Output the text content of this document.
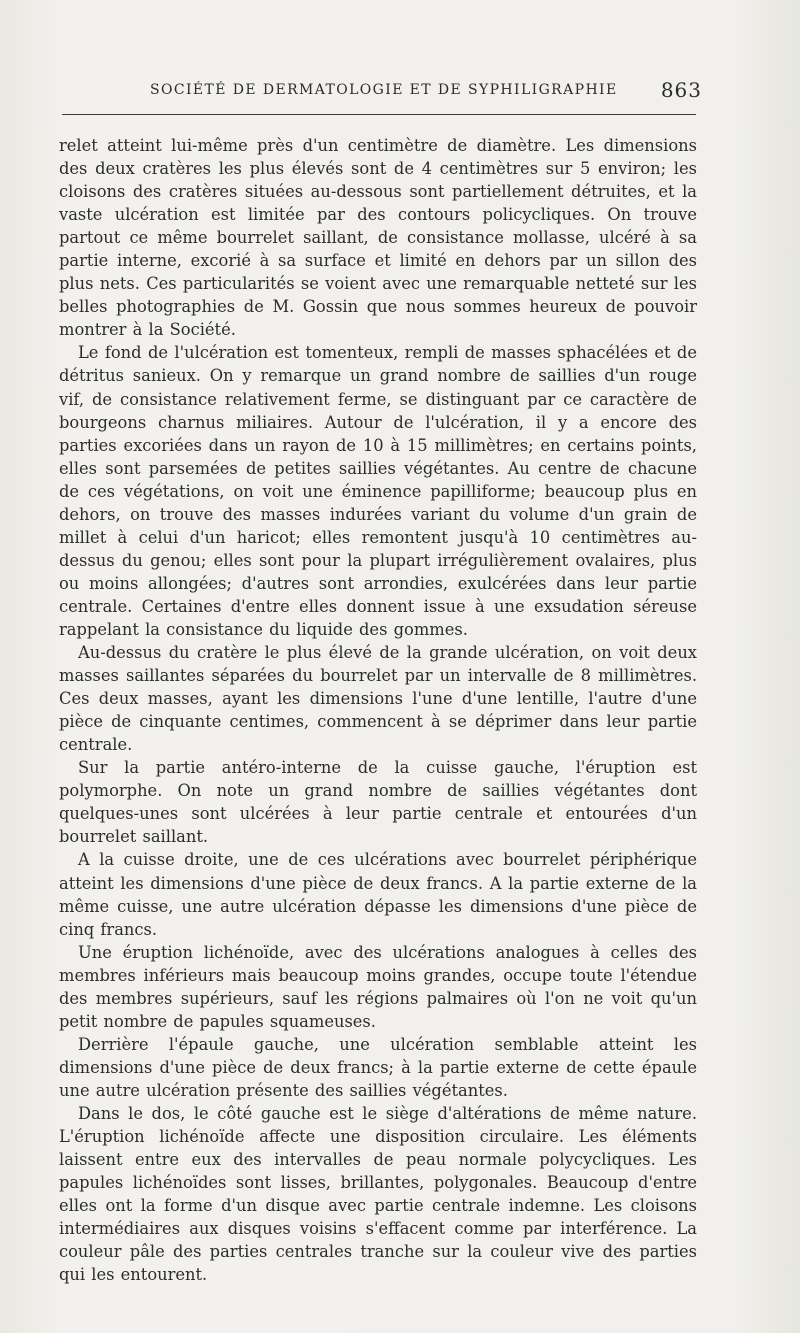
SOCIÉTÉ DE DERMATOLOGIE ET DE SYPHILIGRAPHIE 863

relet atteint lui-même près d'un centimètre de diamètre. Les dimensions des deux cratères les plus élevés sont de 4 centimètres sur 5 environ; les cloisons des cratères situées au-dessous sont partiellement détruites, et la vaste ulcération est limitée par des contours policycliques. On trouve partout ce même bourrelet saillant, de consistance mollasse, ulcéré à sa partie interne, excorié à sa surface et limité en dehors par un sillon des plus nets. Ces particularités se voient avec une remarquable netteté sur les belles photographies de M. Gossin que nous sommes heureux de pouvoir montrer à la Société.

Le fond de l'ulcération est tomenteux, rempli de masses sphacélées et de détritus sanieux. On y remarque un grand nombre de saillies d'un rouge vif, de consistance relativement ferme, se distinguant par ce caractère de bourgeons charnus miliaires. Autour de l'ulcération, il y a encore des parties excoriées dans un rayon de 10 à 15 millimètres; en certains points, elles sont parsemées de petites saillies végétantes. Au centre de chacune de ces végétations, on voit une éminence papilliforme; beaucoup plus en dehors, on trouve des masses indurées variant du volume d'un grain de millet à celui d'un haricot; elles remontent jusqu'à 10 centimètres au-dessus du genou; elles sont pour la plupart irrégulièrement ovalaires, plus ou moins allongées; d'autres sont arrondies, exulcérées dans leur partie centrale. Certaines d'entre elles donnent issue à une exsudation séreuse rappelant la consistance du liquide des gommes.

Au-dessus du cratère le plus élevé de la grande ulcération, on voit deux masses saillantes séparées du bourrelet par un intervalle de 8 millimètres. Ces deux masses, ayant les dimensions l'une d'une lentille, l'autre d'une pièce de cinquante centimes, commencent à se déprimer dans leur partie centrale.

Sur la partie antéro-interne de la cuisse gauche, l'éruption est polymorphe. On note un grand nombre de saillies végétantes dont quelques-unes sont ulcérées à leur partie centrale et entourées d'un bourrelet saillant.

A la cuisse droite, une de ces ulcérations avec bourrelet périphérique atteint les dimensions d'une pièce de deux francs. A la partie externe de la même cuisse, une autre ulcération dépasse les dimensions d'une pièce de cinq francs.

Une éruption lichénoïde, avec des ulcérations analogues à celles des membres inférieurs mais beaucoup moins grandes, occupe toute l'étendue des membres supérieurs, sauf les régions palmaires où l'on ne voit qu'un petit nombre de papules squameuses.

Derrière l'épaule gauche, une ulcération semblable atteint les dimensions d'une pièce de deux francs; à la partie externe de cette épaule une autre ulcération présente des saillies végétantes.

Dans le dos, le côté gauche est le siège d'altérations de même nature. L'éruption lichénoïde affecte une disposition circulaire. Les éléments laissent entre eux des intervalles de peau normale polycycliques. Les papules lichénoïdes sont lisses, brillantes, polygonales. Beaucoup d'entre elles ont la forme d'un disque avec partie centrale indemne. Les cloisons intermédiaires aux disques voisins s'effacent comme par interférence. La couleur pâle des parties centrales tranche sur la couleur vive des parties qui les entourent.
